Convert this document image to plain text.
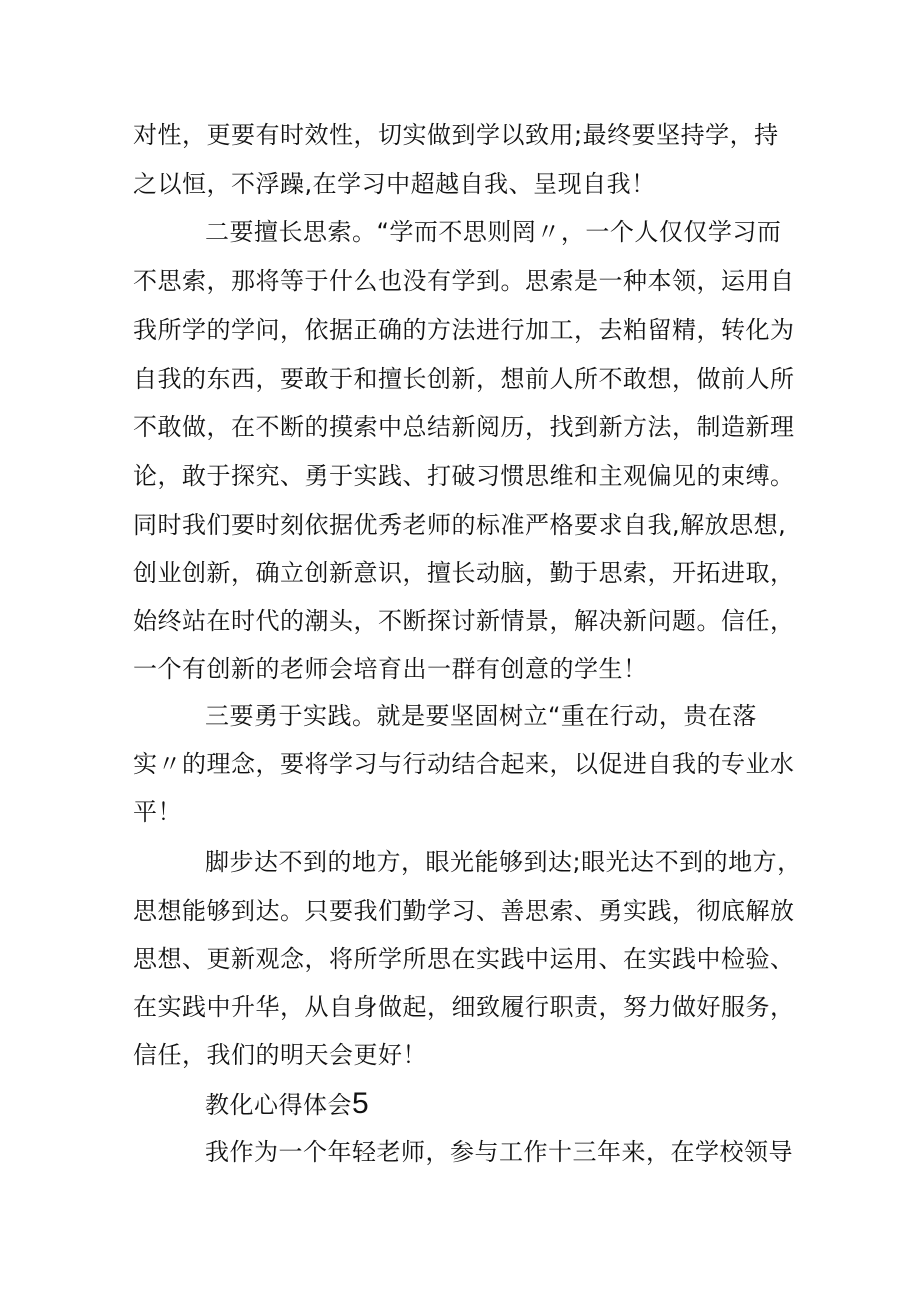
对性，更要有时效性，切实做到学以致用;最终要坚持学，持
之以恒，不浮躁,在学习中超越自我、呈现自我！
二要擅长思索。“学而不思则罔〃，一个人仅仅学习而
不思索，那将等于什么也没有学到。思索是一种本领，运用自
我所学的学问，依据正确的方法进行加工，去粕留精，转化为
自我的东西，要敢于和擅长创新，想前人所不敢想，做前人所
不敢做，在不断的摸索中总结新阅历，找到新方法，制造新理
论，敢于探究、勇于实践、打破习惯思维和主观偏见的束缚。
同时我们要时刻依据优秀老师的标准严格要求自我,解放思想,
创业创新，确立创新意识，擅长动脑，勤于思索，开拓进取，
始终站在时代的潮头，不断探讨新情景，解决新问题。信任，
一个有创新的老师会培育出一群有创意的学生！
三要勇于实践。就是要坚固树立“重在行动，贵在落
实〃的理念，要将学习与行动结合起来，以促进自我的专业水
平！
脚步达不到的地方，眼光能够到达;眼光达不到的地方，
思想能够到达。只要我们勤学习、善思索、勇实践，彻底解放
思想、更新观念，将所学所思在实践中运用、在实践中检验、
在实践中升华，从自身做起，细致履行职责，努力做好服务，
信任，我们的明天会更好！
教化心得体会5
我作为一个年轻老师，参与工作十三年来，在学校领导
